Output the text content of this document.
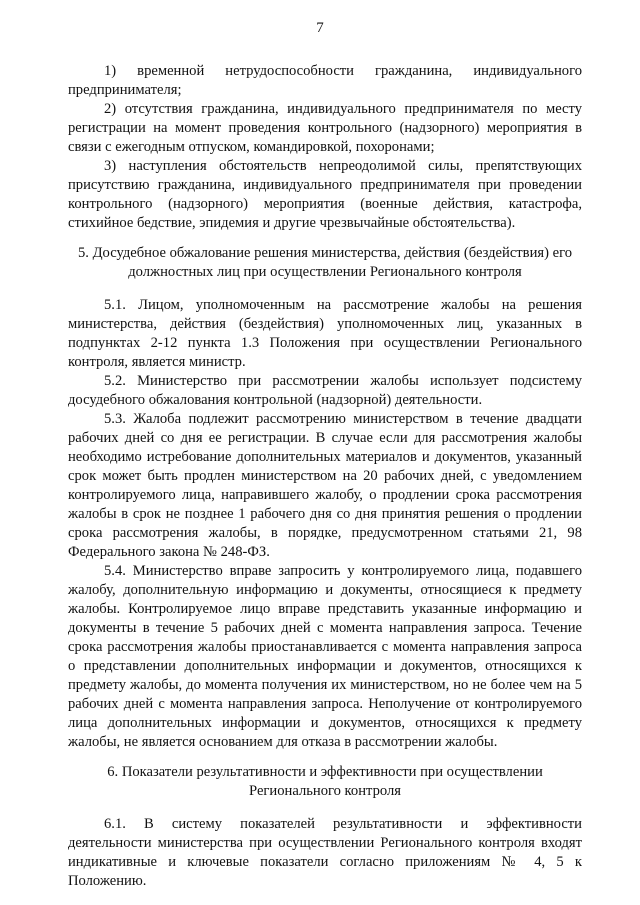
7

1) временной нетрудоспособности гражданина, индивидуального предпринимателя;

2) отсутствия гражданина, индивидуального предпринимателя по месту регистрации на момент проведения контрольного (надзорного) мероприятия в связи с ежегодным отпуском, командировкой, похоронами;

3) наступления обстоятельств непреодолимой силы, препятствующих присутствию гражданина, индивидуального предпринимателя при проведении контрольного (надзорного) мероприятия (военные действия, катастрофа, стихийное бедствие, эпидемия и другие чрезвычайные обстоятельства).

5. Досудебное обжалование решения министерства, действия (бездействия) его должностных лиц при осуществлении Регионального контроля

5.1. Лицом, уполномоченным на рассмотрение жалобы на решения министерства, действия (бездействия) уполномоченных лиц, указанных в подпунктах 2-12 пункта 1.3 Положения при осуществлении Регионального контроля, является министр.

5.2. Министерство при рассмотрении жалобы использует подсистему досудебного обжалования контрольной (надзорной) деятельности.

5.3. Жалоба подлежит рассмотрению министерством в течение двадцати рабочих дней со дня ее регистрации. В случае если для рассмотрения жалобы необходимо истребование дополнительных материалов и документов, указанный срок может быть продлен министерством на 20 рабочих дней, с уведомлением контролируемого лица, направившего жалобу, о продлении срока рассмотрения жалобы в срок не позднее 1 рабочего дня со дня принятия решения о продлении срока рассмотрения жалобы, в порядке, предусмотренном статьями 21, 98 Федерального закона № 248-ФЗ.

5.4. Министерство вправе запросить у контролируемого лица, подавшего жалобу, дополнительную информацию и документы, относящиеся к предмету жалобы. Контролируемое лицо вправе представить указанные информацию и документы в течение 5 рабочих дней с момента направления запроса. Течение срока рассмотрения жалобы приостанавливается с момента направления запроса о представлении дополнительных информации и документов, относящихся к предмету жалобы, до момента получения их министерством, но не более чем на 5 рабочих дней с момента направления запроса. Неполучение от контролируемого лица дополнительных информации и документов, относящихся к предмету жалобы, не является основанием для отказа в рассмотрении жалобы.

6. Показатели результативности и эффективности при осуществлении Регионального контроля

6.1. В систему показателей результативности и эффективности деятельности министерства при осуществлении Регионального контроля входят индикативные и ключевые показатели согласно приложениям № 4, 5 к Положению.
